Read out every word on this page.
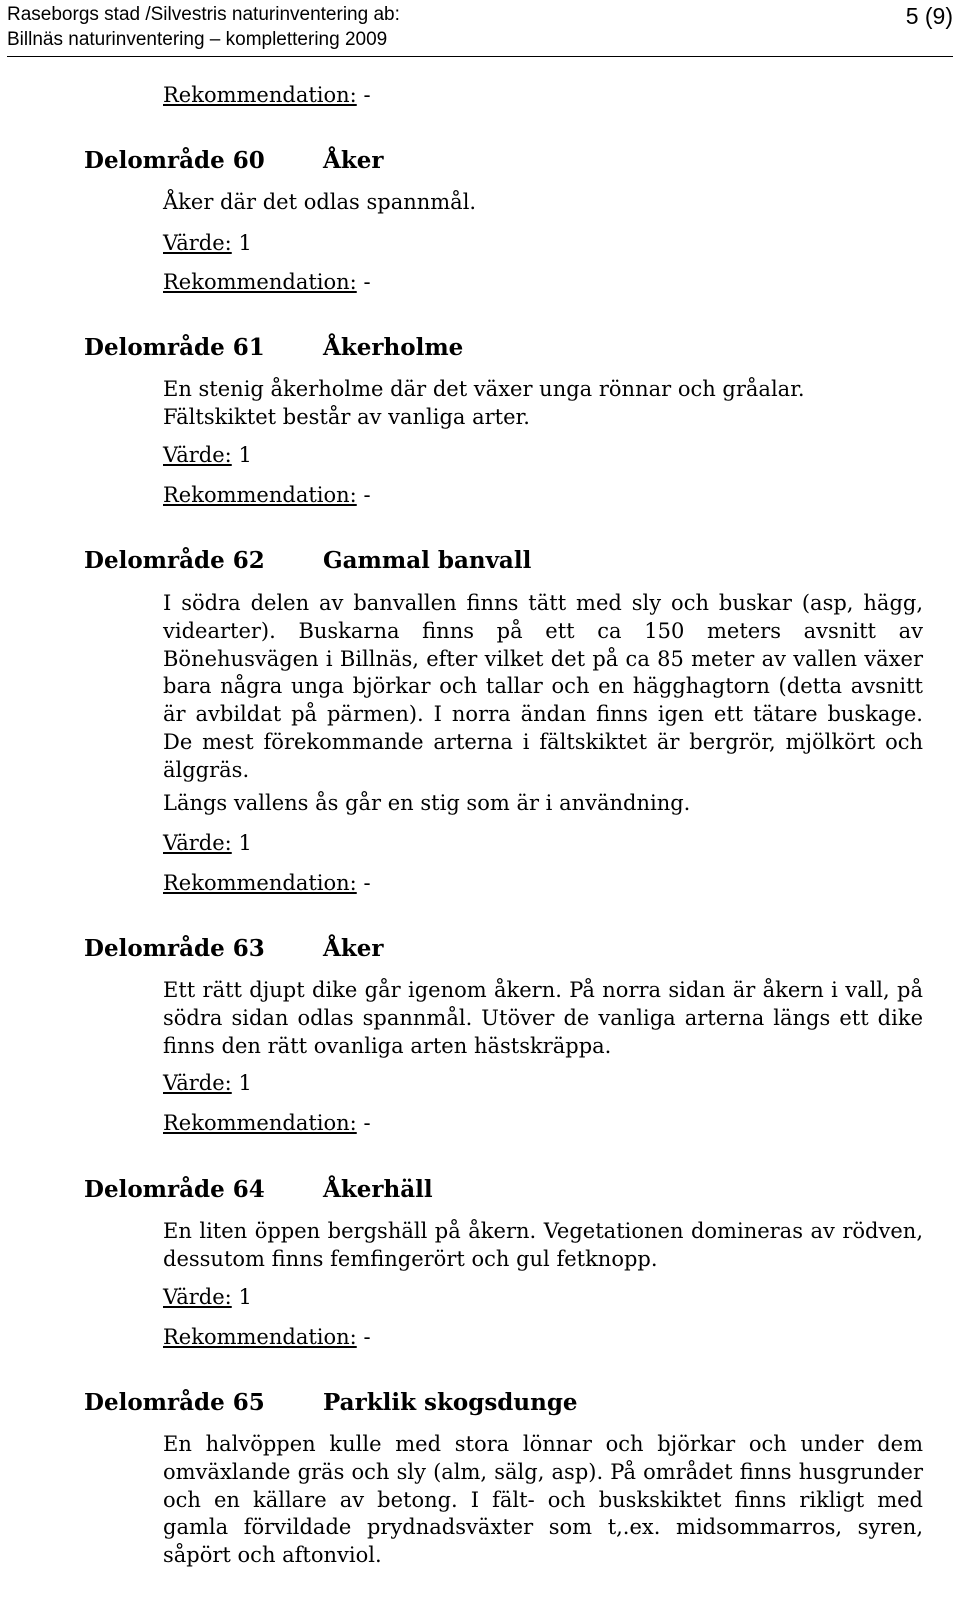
Raseborgs stad /Silvestris naturinventering ab:
Billnäs naturinventering – komplettering 2009
5 (9)
Rekommendation: -
Delområde 60	Åker
Åker där det odlas spannmål.
Värde: 1
Rekommendation: -
Delområde 61	Åkerholme
En stenig åkerholme där det växer unga rönnar och gråalar. Fältskiktet består av vanliga arter.
Värde: 1
Rekommendation: -
Delområde 62	Gammal banvall
I södra delen av banvallen finns tätt med sly och buskar (asp, hägg, videarter). Buskarna finns på ett ca 150 meters avsnitt av Bönehusvägen i Billnäs, efter vilket det på ca 85 meter av vallen växer bara några unga björkar och tallar och en hägghagtorn (detta avsnitt är avbildat på pärmen). I norra ändan finns igen ett tätare buskage. De mest förekommande arterna i fältskiktet är bergrör, mjölkört och älggräs.
Längs vallens ås går en stig som är i användning.
Värde: 1
Rekommendation: -
Delområde 63	Åker
Ett rätt djupt dike går igenom åkern. På norra sidan är åkern i vall, på södra sidan odlas spannmål. Utöver de vanliga arterna längs ett dike finns den rätt ovanliga arten hästskräppa.
Värde: 1
Rekommendation: -
Delområde 64	Åkerhäll
En liten öppen bergshäll på åkern. Vegetationen domineras av rödven, dessutom finns femfingerört och gul fetknopp.
Värde: 1
Rekommendation: -
Delområde 65	Parklik skogsdunge
En halvöppen kulle med stora lönnar och björkar och under dem omväxlande gräs och sly (alm, sälg, asp). På området finns husgrunder och en källare av betong. I fält- och buskskiktet finns rikligt med gamla förvildade prydnadsväxter som t,.ex. midsommarros, syren, såpört och aftonviol.
